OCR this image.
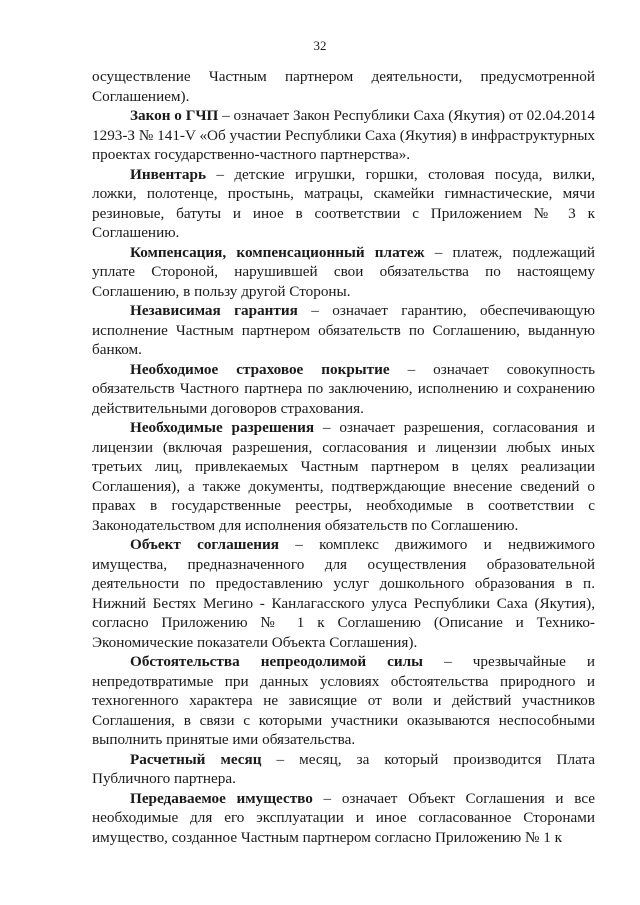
32

осуществление Частным партнером деятельности, предусмотренной Соглашением).

Закон о ГЧП – означает Закон Республики Саха (Якутия) от 02.04.2014 1293-З № 141-V «Об участии Республики Саха (Якутия) в инфраструктурных проектах государственно-частного партнерства».

Инвентарь – детские игрушки, горшки, столовая посуда, вилки, ложки, полотенце, простынь, матрацы, скамейки гимнастические, мячи резиновые, батуты и иное в соответствии с Приложением № 3 к Соглашению.

Компенсация, компенсационный платеж – платеж, подлежащий уплате Стороной, нарушившей свои обязательства по настоящему Соглашению, в пользу другой Стороны.

Независимая гарантия – означает гарантию, обеспечивающую исполнение Частным партнером обязательств по Соглашению, выданную банком.

Необходимое страховое покрытие – означает совокупность обязательств Частного партнера по заключению, исполнению и сохранению действительными договоров страхования.

Необходимые разрешения – означает разрешения, согласования и лицензии (включая разрешения, согласования и лицензии любых иных третьих лиц, привлекаемых Частным партнером в целях реализации Соглашения), а также документы, подтверждающие внесение сведений о правах в государственные реестры, необходимые в соответствии с Законодательством для исполнения обязательств по Соглашению.

Объект соглашения – комплекс движимого и недвижимого имущества, предназначенного для осуществления образовательной деятельности по предоставлению услуг дошкольного образования в п. Нижний Бестях Мегино - Канлагасского улуса Республики Саха (Якутия), согласно Приложению № 1 к Соглашению (Описание и Технико-Экономические показатели Объекта Соглашения).

Обстоятельства непреодолимой силы – чрезвычайные и непредотвратимые при данных условиях обстоятельства природного и техногенного характера не зависящие от воли и действий участников Соглашения, в связи с которыми участники оказываются неспособными выполнить принятые ими обязательства.

Расчетный месяц – месяц, за который производится Плата Публичного партнера.

Передаваемое имущество – означает Объект Соглашения и все необходимые для его эксплуатации и иное согласованное Сторонами имущество, созданное Частным партнером согласно Приложению № 1 к
